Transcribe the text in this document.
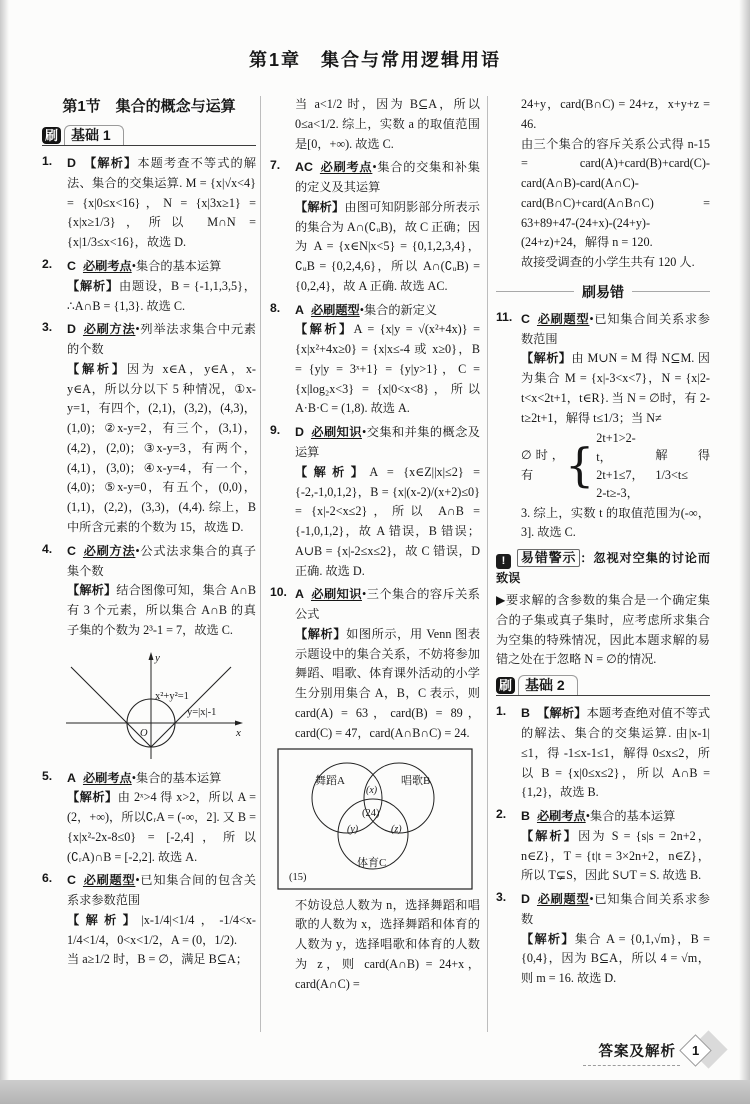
第1章　集合与常用逻辑用语
第1节　集合的概念与运算
刷 基础 1
1. D 【解析】本题考查不等式的解法、集合的交集运算. M = {x|√x<4} = {x|0≤x<16}，N = {x|3x≥1} = {x|x≥1/3}，所以 M∩N = {x|1/3≤x<16}，故选 D.
2. C 必刷考点•集合的基本运算
【解析】由题设，B = {-1,1,3,5}，∴A∩B = {1,3}. 故选 C.
3. D 必刷方法•列举法求集合中元素的个数
【解析】因为 x∈A，y∈A，x-y∈A，所以分以下 5 种情况，①x-y=1，有四个，(2,1)，(3,2)，(4,3)，(1,0)；②x-y=2，有三个，(3,1)，(4,2)，(2,0)；③x-y=3，有两个，(4,1)，(3,0)；④x-y=4，有一个，(4,0)；⑤x-y=0，有五个，(0,0)，(1,1)，(2,2)，(3,3)，(4,4). 综上，B 中所含元素的个数为 15，故选 D.
4. C 必刷方法•公式法求集合的真子集个数
【解析】结合图像可知，集合 A∩B 有 3 个元素，所以集合 A∩B 的真子集的个数为 2³-1 = 7，故选 C.
x²+y²=1
y=|x|-1
O	x
y
5. A 必刷考点•集合的基本运算
【解析】由 2ˣ>4 得 x>2，所以 A = (2，+∞)，所以∁ᵣA = (-∞，2]. 又 B = {x|x²-2x-8≤0} = [-2,4]，所以(∁ᵣA)∩B = [-2,2]. 故选 A.
6. C 必刷题型•已知集合间的包含关系求参数范围
【解析】|x-1/4|<1/4，-1/4<x-1/4<1/4，0<x<1/2，A = (0，1/2).
当 a≥1/2 时，B = ∅，满足 B⊆A；
当 a<1/2 时，因为 B⊆A，所以 0≤a<1/2. 综上，实数 a 的取值范围是[0，+∞). 故选 C.
7. AC 必刷考点•集合的交集和补集的定义及其运算
【解析】由图可知阴影部分所表示的集合为 A∩(∁ᵤB)，故 C 正确；因为 A = {x∈N|x<5} = {0,1,2,3,4}，∁ᵤB = {0,2,4,6}，所以 A∩(∁ᵤB) = {0,2,4}，故 A 正确. 故选 AC.
8. A 必刷题型•集合的新定义
【解析】A = {x|y = √(x²+4x)} = {x|x²+4x≥0} = {x|x≤-4 或 x≥0}，B = {y|y = 3ˣ+1} = {y|y>1}，C = {x|log₂x<3} = {x|0<x<8}，所以 A·B·C = (1,8). 故选 A.
9. D 必刷知识•交集和并集的概念及运算
【解析】A = {x∈Z||x|≤2} = {-2,-1,0,1,2}，B = {x|(x-2)/(x+2)≤0} = {x|-2<x≤2}，所以 A∩B = {-1,0,1,2}，故 A 错误，B 错误；A∪B = {x|-2≤x≤2}，故 C 错误，D 正确. 故选 D.
10. A 必刷知识•三个集合的容斥关系公式
【解析】如图所示，用 Venn 图表示题设中的集合关系，不妨将参加舞蹈、唱歌、体育课外活动的小学生分别用集合 A，B，C 表示，则 card(A) = 63，card(B) = 89，card(C) = 47，card(A∩B∩C) = 24.
舞蹈A	唱歌B
体育C
(x)
(24)
(y)	(z)
(15)
不妨设总人数为 n，选择舞蹈和唱歌的人数为 x，选择舞蹈和体育的人数为 y，选择唱歌和体育的人数为 z，则 card(A∩B) = 24+x，card(A∩C) =
24+y，card(B∩C) = 24+z，x+y+z = 46.
由三个集合的容斥关系公式得 n-15 = card(A)+card(B)+card(C)-card(A∩B)-card(A∩C)-card(B∩C)+card(A∩B∩C) = 63+89+47-(24+x)-(24+y)-(24+z)+24，解得 n = 120.
故接受调查的小学生共有 120 人.
刷易错
11. C 必刷题型•已知集合间关系求参数范围
【解析】由 M∪N = M 得 N⊆M. 因为集合 M = {x|-3<x<7}，N = {x|2-t<x<2t+1，t∈R}. 当 N = ∅时，有 2-t≥2t+1，解得 t≤1/3；当 N≠
∅时，有 { 2t+1>2-t，
2t+1≤7，
2-t≥-3，
解得 1/3<t≤
3. 综上，实数 t 的取值范围为(-∞，3]. 故选 C.
! 易错警示 ：忽视对空集的讨论而致误
▶要求解的含参数的集合是一个确定集合的子集或真子集时，应考虑所求集合为空集的特殊情况，因此本题求解的易错之处在于忽略 N = ∅的情况.
刷 基础 2
1. B 【解析】本题考查绝对值不等式的解法、集合的交集运算. 由|x-1|≤1，得 -1≤x-1≤1，解得 0≤x≤2，所以 B = {x|0≤x≤2}，所以 A∩B = {1,2}，故选 B.
2. B 必刷考点•集合的基本运算
【解析】因为 S = {s|s = 2n+2，n∈Z}，T = {t|t = 3×2n+2，n∈Z}，所以 T⊊S，因此 S∪T = S. 故选 B.
3. D 必刷题型•已知集合间关系求参数
【解析】集合 A = {0,1,√m}，B = {0,4}，因为 B⊆A，所以 4 = √m，则 m = 16. 故选 D.
答案及解析	1
